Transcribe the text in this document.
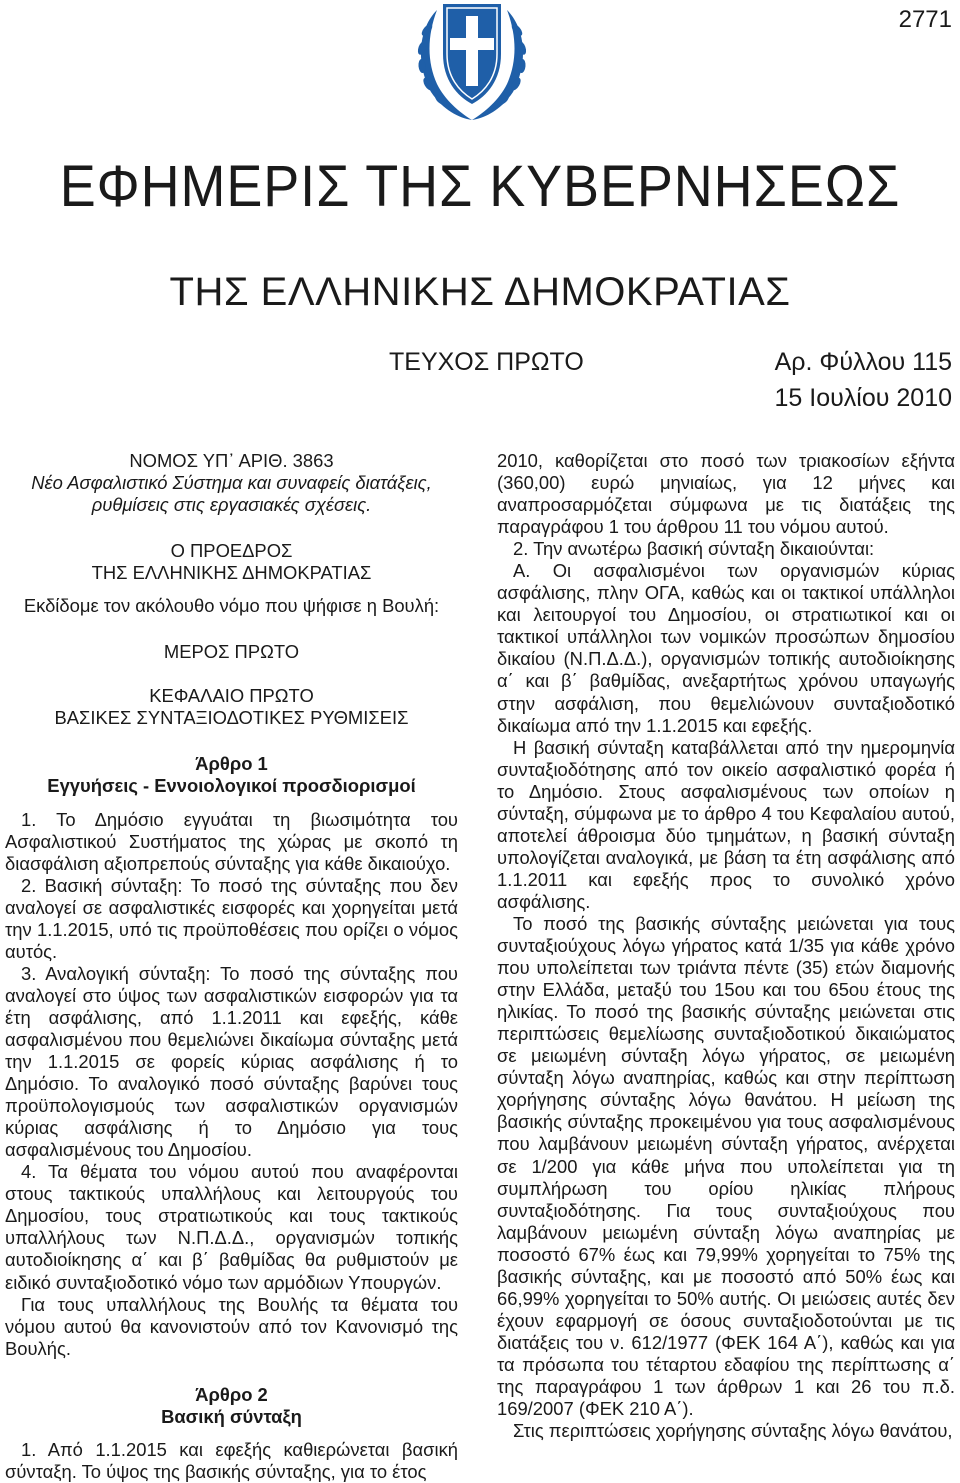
2771
ΕΦΗΜΕΡΙΣ ΤΗΣ ΚΥΒΕΡΝΗΣΕΩΣ
ΤΗΣ ΕΛΛΗΝΙΚΗΣ ΔΗΜΟΚΡΑΤΙΑΣ
ΤΕΥΧΟΣ ΠΡΩΤΟ	Αρ. Φύλλου 115
15 Ιουλίου 2010

ΝΟΜΟΣ ΥΠ᾽ ΑΡΙΘ. 3863

Νέο Ασφαλιστικό Σύστημα και συναφείς διατάξεις,

ρυθμίσεις στις εργασιακές σχέσεις.

Ο ΠΡΟΕΔΡΟΣ

ΤΗΣ ΕΛΛΗΝΙΚΗΣ ΔΗΜΟΚΡΑΤΙΑΣ

Εκδίδομε τον ακόλουθο νόμο που ψήφισε η Βουλή:

ΜΕΡΟΣ ΠΡΩΤΟ

ΚΕΦΑΛΑΙΟ ΠΡΩΤΟ

ΒΑΣΙΚΕΣ ΣΥΝΤΑΞΙΟΔΟΤΙΚΕΣ ΡΥΘΜΙΣΕΙΣ

Άρθρο 1

Εγγυήσεις - Εννοιολογικοί προσδιορισμοί

1. Το Δημόσιο εγγυάται τη βιωσιμότητα του Ασφαλιστικού Συστήματος της χώρας με σκοπό τη διασφάλιση αξιοπρεπούς σύνταξης για κάθε δικαιούχο.

2. Βασική σύνταξη: Το ποσό της σύνταξης που δεν αναλογεί σε ασφαλιστικές εισφορές και χορηγείται μετά την 1.1.2015, υπό τις προϋποθέσεις που ορίζει ο νόμος αυτός.

3. Αναλογική σύνταξη: Το ποσό της σύνταξης που αναλογεί στο ύψος των ασφαλιστικών εισφορών για τα έτη ασφάλισης, από 1.1.2011 και εφεξής, κάθε ασφαλισμένου που θεμελιώνει δικαίωμα σύνταξης μετά την 1.1.2015 σε φορείς κύριας ασφάλισης ή το Δημόσιο. Το αναλογικό ποσό σύνταξης βαρύνει τους προϋπολογισμούς των ασφαλιστικών οργανισμών κύριας ασφάλισης ή το Δημόσιο για τους ασφαλισμένους του Δημοσίου.

4. Τα θέματα του νόμου αυτού που αναφέρονται στους τακτικούς υπαλλήλους και λειτουργούς του Δημοσίου, τους στρατιωτικούς και τους τακτικούς υπαλλήλους των Ν.Π.Δ.Δ., οργανισμών τοπικής αυτοδιοίκησης α΄ και β΄ βαθμίδας θα ρυθμιστούν με ειδικό συνταξιοδοτικό νόμο των αρμόδιων Υπουργών.

Για τους υπαλλήλους της Βουλής τα θέματα του νόμου αυτού θα κανονιστούν από τον Κανονισμό της Βουλής.

Άρθρο 2

Βασική σύνταξη

1. Από 1.1.2015 και εφεξής καθιερώνεται βασική σύνταξη. Το ύψος της βασικής σύνταξης, για το έτος

2010, καθορίζεται στο ποσό των τριακοσίων εξήντα (360,00) ευρώ μηνιαίως, για 12 μήνες και αναπροσαρμόζεται σύμφωνα με τις διατάξεις της παραγράφου 1 του άρθρου 11 του νόμου αυτού.

2. Την ανωτέρω βασική σύνταξη δικαιούνται:

Α. Οι ασφαλισμένοι των οργανισμών κύριας ασφάλισης, πλην ΟΓΑ, καθώς και οι τακτικοί υπάλληλοι και λειτουργοί του Δημοσίου, οι στρατιωτικοί και οι τακτικοί υπάλληλοι των νομικών προσώπων δημοσίου δικαίου (Ν.Π.Δ.Δ.), οργανισμών τοπικής αυτοδιοίκησης α΄ και β΄ βαθμίδας, ανεξαρτήτως χρόνου υπαγωγής στην ασφάλιση, που θεμελιώνουν συνταξιοδοτικό δικαίωμα από την 1.1.2015 και εφεξής.

Η βασική σύνταξη καταβάλλεται από την ημερομηνία συνταξιοδότησης από τον οικείο ασφαλιστικό φορέα ή το Δημόσιο. Στους ασφαλισμένους των οποίων η σύνταξη, σύμφωνα με το άρθρο 4 του Κεφαλαίου αυτού, αποτελεί άθροισμα δύο τμημάτων, η βασική σύνταξη υπολογίζεται αναλογικά, με βάση τα έτη ασφάλισης από 1.1.2011 και εφεξής προς το συνολικό χρόνο ασφάλισης.

Το ποσό της βασικής σύνταξης μειώνεται για τους συνταξιούχους λόγω γήρατος κατά 1/35 για κάθε χρόνο που υπολείπεται των τριάντα πέντε (35) ετών διαμονής στην Ελλάδα, μεταξύ του 15ου και του 65ου έτους της ηλικίας. Το ποσό της βασικής σύνταξης μειώνεται στις περιπτώσεις θεμελίωσης συνταξιοδοτικού δικαιώματος σε μειωμένη σύνταξη λόγω γήρατος, σε μειωμένη σύνταξη λόγω αναπηρίας, καθώς και στην περίπτωση χορήγησης σύνταξης λόγω θανάτου. Η μείωση της βασικής σύνταξης προκειμένου για τους ασφαλισμένους που λαμβάνουν μειωμένη σύνταξη γήρατος, ανέρχεται σε 1/200 για κάθε μήνα που υπολείπεται για τη συμπλήρωση του ορίου ηλικίας πλήρους συνταξιοδότησης. Για τους συνταξιούχους που λαμβάνουν μειωμένη σύνταξη λόγω αναπηρίας με ποσοστό 67% έως και 79,99% χορηγείται το 75% της βασικής σύνταξης, και με ποσοστό από 50% έως και 66,99% χορηγείται το 50% αυτής. Οι μειώσεις αυτές δεν έχουν εφαρμογή σε όσους συνταξιοδοτούνται με τις διατάξεις του ν. 612/1977 (ΦΕΚ 164 Α΄), καθώς και για τα πρόσωπα του τέταρτου εδαφίου της περίπτωσης α΄ της παραγράφου 1 των άρθρων 1 και 26 του π.δ. 169/2007 (ΦΕΚ 210 Α΄).

Στις περιπτώσεις χορήγησης σύνταξης λόγω θανάτου,
